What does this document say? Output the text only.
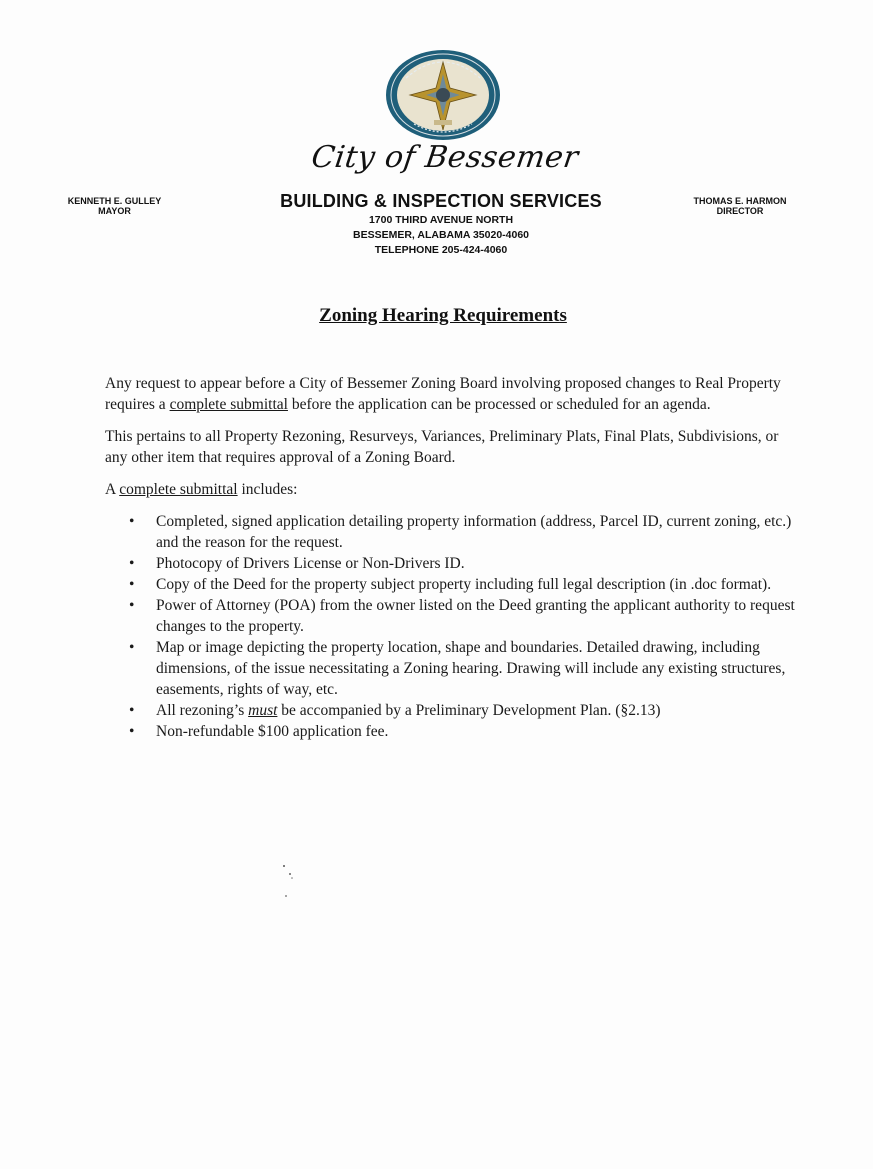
City of Bessemer
KENNETH E. GULLEY
MAYOR	BUILDING & INSPECTION SERVICES	THOMAS E. HARMON
DIRECTOR
1700 THIRD AVENUE NORTH
BESSEMER, ALABAMA 35020-4060
TELEPHONE 205-424-4060
Zoning Hearing Requirements

Any request to appear before a City of Bessemer Zoning Board involving proposed changes to Real Property requires a complete submittal before the application can be processed or scheduled for an agenda.

This pertains to all Property Rezoning, Resurveys, Variances, Preliminary Plats, Final Plats, Subdivisions, or any other item that requires approval of a Zoning Board.

A complete submittal includes:

• Completed, signed application detailing property information (address, Parcel ID, current zoning, etc.) and the reason for the request.
• Photocopy of Drivers License or Non-Drivers ID.
• Copy of the Deed for the property subject property including full legal description (in .doc format).
• Power of Attorney (POA) from the owner listed on the Deed granting the applicant authority to request changes to the property.
• Map or image depicting the property location, shape and boundaries. Detailed drawing, including dimensions, of the issue necessitating a Zoning hearing. Drawing will include any existing structures, easements, rights of way, etc.
• All rezoning’s must be accompanied by a Preliminary Development Plan. (§2.13)
• Non-refundable $100 application fee.
